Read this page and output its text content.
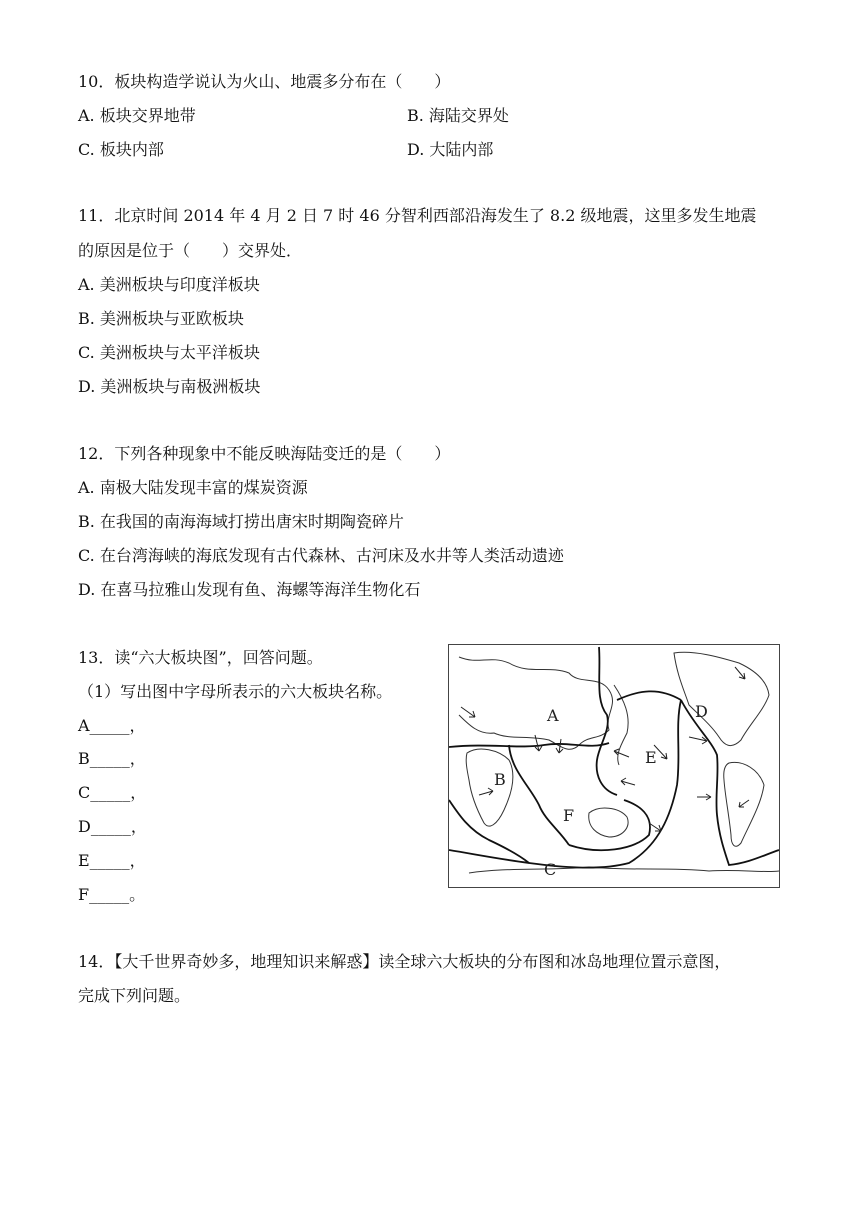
10．板块构造学说认为火山、地震多分布在（　　）
A. 板块交界地带	B. 海陆交界处
C. 板块内部	D. 大陆内部
11．北京时间 2014 年 4 月 2 日 7 时 46 分智利西部沿海发生了 8.2 级地震，这里多发生地震
的原因是位于（　　）交界处．
A. 美洲板块与印度洋板块
B. 美洲板块与亚欧板块
C. 美洲板块与太平洋板块
D. 美洲板块与南极洲板块
12．下列各种现象中不能反映海陆变迁的是（　　）
A. 南极大陆发现丰富的煤炭资源
B. 在我国的南海海域打捞出唐宋时期陶瓷碎片
C. 在台湾海峡的海底发现有古代森林、古河床及水井等人类活动遗迹
D. 在喜马拉雅山发现有鱼、海螺等海洋生物化石
13．读“六大板块图”，回答问题。
（1）写出图中字母所表示的六大板块名称。
A_____，
B_____，
C_____，
D_____，
E_____，
F_____。
A
B
C
D
E
F
14．【大千世界奇妙多，地理知识来解惑】读全球六大板块的分布图和冰岛地理位置示意图，
完成下列问题。
